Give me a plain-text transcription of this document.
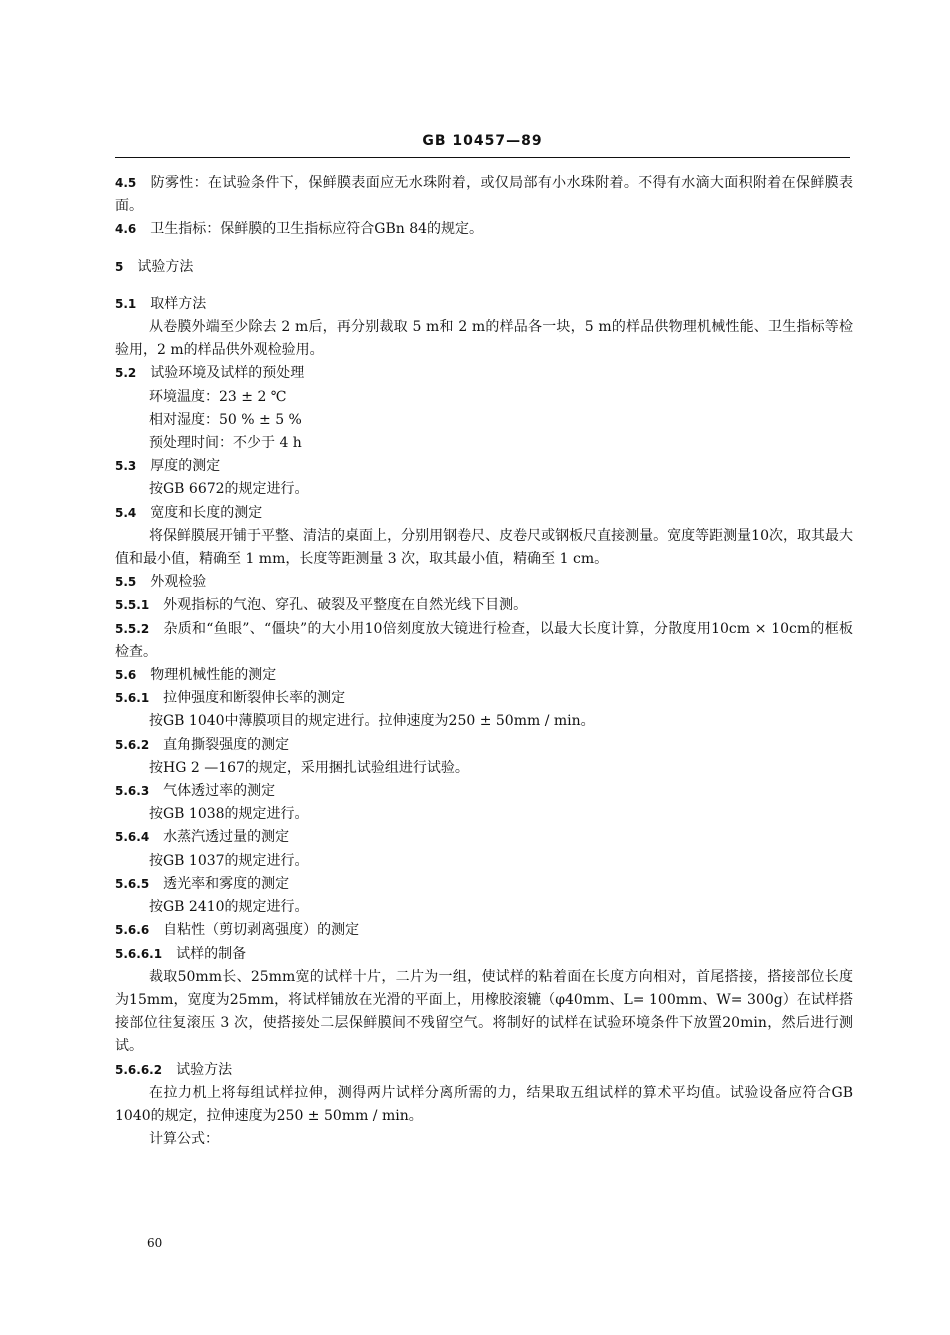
GB 10457—89

4.5 防雾性：在试验条件下，保鲜膜表面应无水珠附着，或仅局部有小水珠附着。不得有水滴大面积附着在保鲜膜表面。

4.6 卫生指标：保鲜膜的卫生指标应符合GBn 84的规定。

5 试验方法

5.1 取样方法

从卷膜外端至少除去 2 m后，再分别裁取 5 m和 2 m的样品各一块，5 m的样品供物理机械性能、卫生指标等检验用，2 m的样品供外观检验用。

5.2 试验环境及试样的预处理

环境温度：23 ± 2 ℃

相对湿度：50 % ± 5 %

预处理时间：不少于 4 h

5.3 厚度的测定

按GB 6672的规定进行。

5.4 宽度和长度的测定

将保鲜膜展开铺于平整、清洁的桌面上，分别用钢卷尺、皮卷尺或钢板尺直接测量。宽度等距测量10次，取其最大值和最小值，精确至 1 mm，长度等距测量 3 次，取其最小值，精确至 1 cm。

5.5 外观检验

5.5.1 外观指标的气泡、穿孔、破裂及平整度在自然光线下目测。

5.5.2 杂质和“鱼眼”、“僵块”的大小用10倍刻度放大镜进行检查，以最大长度计算，分散度用10cm × 10cm的框板检查。

5.6 物理机械性能的测定

5.6.1 拉伸强度和断裂伸长率的测定

按GB 1040中薄膜项目的规定进行。拉伸速度为250 ± 50mm / min。

5.6.2 直角撕裂强度的测定

按HG 2 —167的规定，采用捆扎试验组进行试验。

5.6.3 气体透过率的测定

按GB 1038的规定进行。

5.6.4 水蒸汽透过量的测定

按GB 1037的规定进行。

5.6.5 透光率和雾度的测定

按GB 2410的规定进行。

5.6.6 自粘性（剪切剥离强度）的测定

5.6.6.1 试样的制备

裁取50mm长、25mm宽的试样十片，二片为一组，使试样的粘着面在长度方向相对，首尾搭接，搭接部位长度为15mm，宽度为25mm，将试样铺放在光滑的平面上，用橡胶滚辘（φ40mm、L= 100mm、W= 300g）在试样搭接部位往复滚压 3 次，使搭接处二层保鲜膜间不残留空气。将制好的试样在试验环境条件下放置20min，然后进行测试。

5.6.6.2 试验方法

在拉力机上将每组试样拉伸，测得两片试样分离所需的力，结果取五组试样的算术平均值。试验设备应符合GB 1040的规定，拉伸速度为250 ± 50mm / min。

计算公式：

60
